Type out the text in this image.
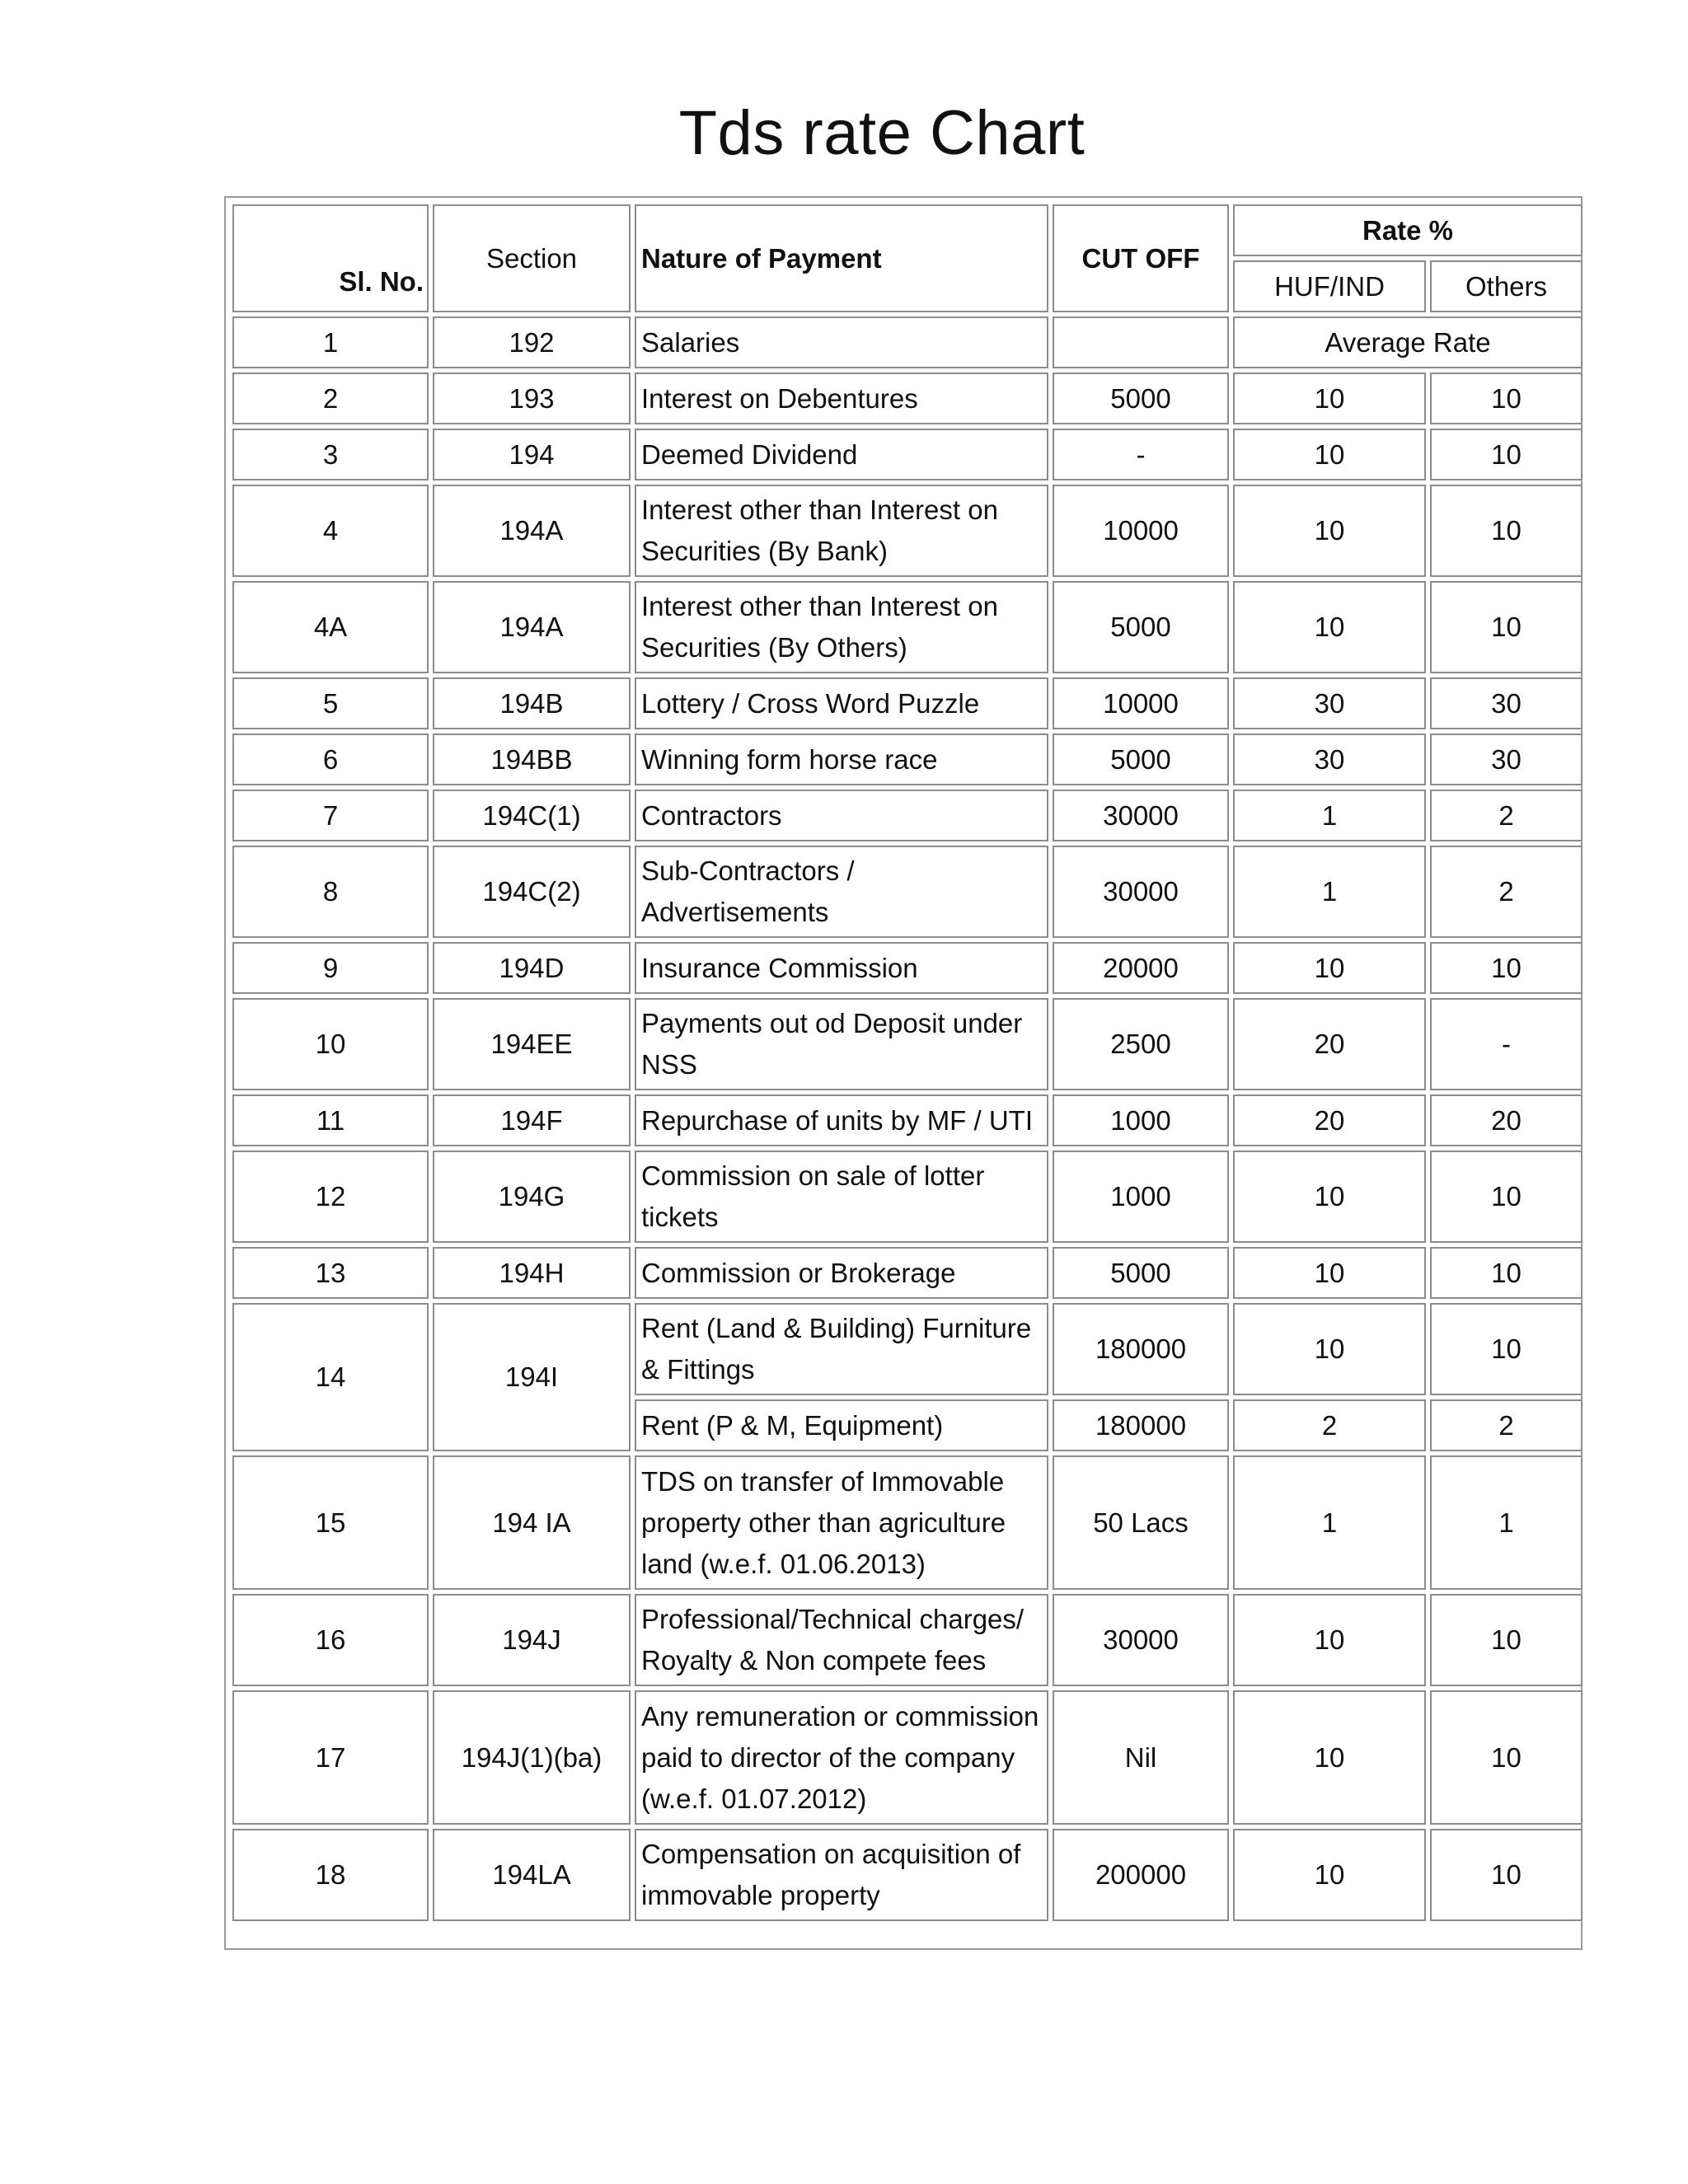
Tds rate Chart
Sl. No.	Section	Nature of Payment	CUT OFF	Rate %	
				HUF/IND	Others
1	192	Salaries		Average Rate	
2	193	Interest on Debentures	5000	10	10
3	194	Deemed Dividend	-	10	10
4	194A	Interest other than Interest on Securities (By Bank)	10000	10	10
4A	194A	Interest other than Interest on Securities (By Others)	5000	10	10
5	194B	Lottery / Cross Word Puzzle	10000	30	30
6	194BB	Winning form horse race	5000	30	30
7	194C(1)	Contractors	30000	1	2
8	194C(2)	Sub-Contractors / Advertisements	30000	1	2
9	194D	Insurance Commission	20000	10	10
10	194EE	Payments out od Deposit under NSS	2500	20	-
11	194F	Repurchase of units by MF / UTI	1000	20	20
12	194G	Commission on sale of lotter tickets	1000	10	10
13	194H	Commission or Brokerage	5000	10	10
14	194I	Rent (Land & Building) Furniture & Fittings	180000	10	10
		Rent (P & M, Equipment)	180000	2	2
15	194 IA	TDS on transfer of Immovable property other than agriculture land (w.e.f. 01.06.2013)	50 Lacs	1	1
16	194J	Professional/Technical charges/ Royalty & Non compete fees	30000	10	10
17	194J(1)(ba)	Any remuneration or commission paid to director of the company (w.e.f. 01.07.2012)	Nil	10	10
18	194LA	Compensation on acquisition of immovable property	200000	10	10
